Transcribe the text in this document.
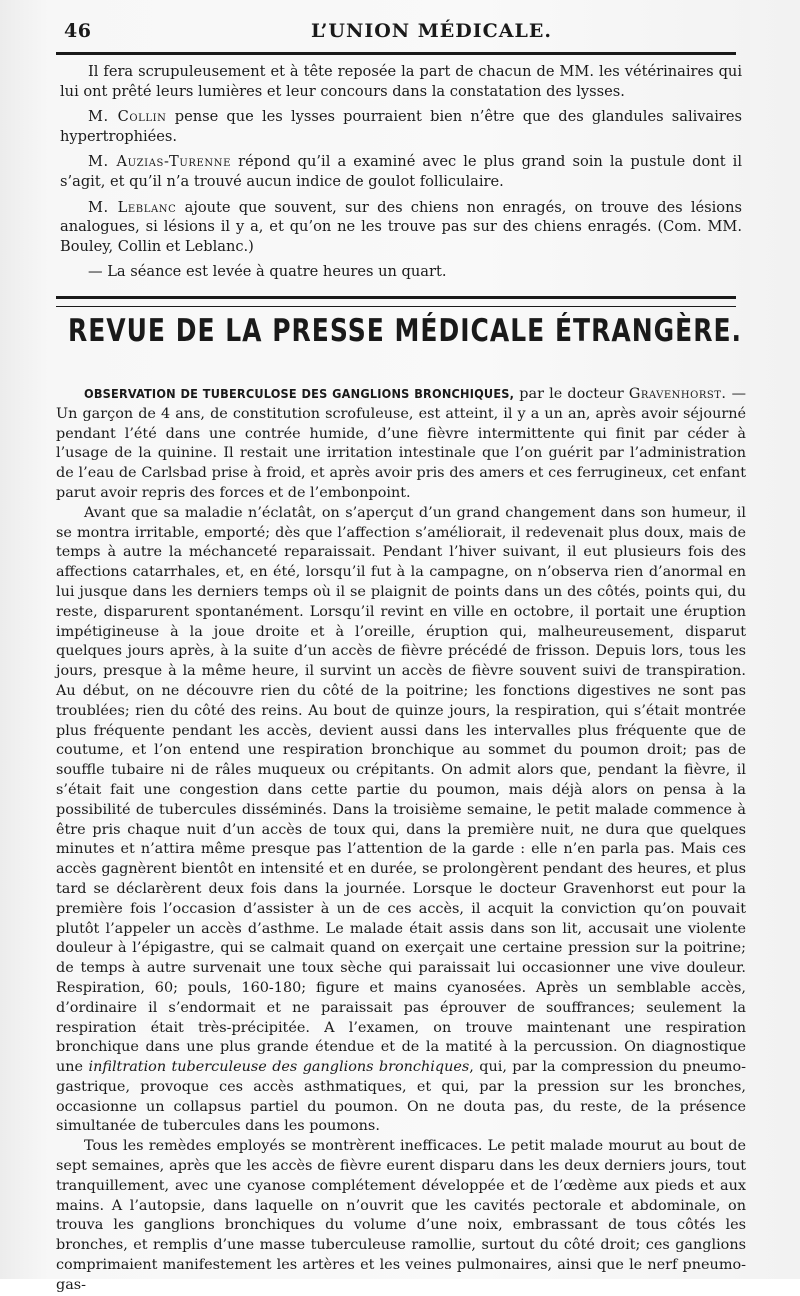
46	L’UNION MÉDICALE.

Il fera scrupuleusement et à tête reposée la part de chacun de MM. les vétérinaires qui lui ont prêté leurs lumières et leur concours dans la constatation des lysses.

M. Collin pense que les lysses pourraient bien n’être que des glandules salivaires hypertrophiées.

M. Auzias-Turenne répond qu’il a examiné avec le plus grand soin la pustule dont il s’agit, et qu’il n’a trouvé aucun indice de goulot folliculaire.

M. Leblanc ajoute que souvent, sur des chiens non enragés, on trouve des lésions analogues, si lésions il y a, et qu’on ne les trouve pas sur des chiens enragés. (Com. MM. Bouley, Collin et Leblanc.)

— La séance est levée à quatre heures un quart.

REVUE DE LA PRESSE MÉDICALE ÉTRANGÈRE.

OBSERVATION DE TUBERCULOSE DES GANGLIONS BRONCHIQUES, par le docteur Gravenhorst. — Un garçon de 4 ans, de constitution scrofuleuse, est atteint, il y a un an, après avoir séjourné pendant l’été dans une contrée humide, d’une fièvre intermittente qui finit par céder à l’usage de la quinine. Il restait une irritation intestinale que l’on guérit par l’administration de l’eau de Carlsbad prise à froid, et après avoir pris des amers et ces ferrugineux, cet enfant parut avoir repris des forces et de l’embonpoint.

Avant que sa maladie n’éclatât, on s’aperçut d’un grand changement dans son humeur, il se montra irritable, emporté; dès que l’affection s’améliorait, il redevenait plus doux, mais de temps à autre la méchanceté reparaissait. Pendant l’hiver suivant, il eut plusieurs fois des affections catarrhales, et, en été, lorsqu’il fut à la campagne, on n’observa rien d’anormal en lui jusque dans les derniers temps où il se plaignit de points dans un des côtés, points qui, du reste, disparurent spontanément. Lorsqu’il revint en ville en octobre, il portait une éruption impétigineuse à la joue droite et à l’oreille, éruption qui, malheureusement, disparut quelques jours après, à la suite d’un accès de fièvre précédé de frisson. Depuis lors, tous les jours, presque à la même heure, il survint un accès de fièvre souvent suivi de transpiration. Au début, on ne découvre rien du côté de la poitrine; les fonctions digestives ne sont pas troublées; rien du côté des reins. Au bout de quinze jours, la respiration, qui s’était montrée plus fréquente pendant les accès, devient aussi dans les intervalles plus fréquente que de coutume, et l’on entend une respiration bronchique au sommet du poumon droit; pas de souffle tubaire ni de râles muqueux ou crépitants. On admit alors que, pendant la fièvre, il s’était fait une congestion dans cette partie du poumon, mais déjà alors on pensa à la possibilité de tubercules disséminés. Dans la troisième semaine, le petit malade commence à être pris chaque nuit d’un accès de toux qui, dans la première nuit, ne dura que quelques minutes et n’attira même presque pas l’attention de la garde : elle n’en parla pas. Mais ces accès gagnèrent bientôt en intensité et en durée, se prolongèrent pendant des heures, et plus tard se déclarèrent deux fois dans la journée. Lorsque le docteur Gravenhorst eut pour la première fois l’occasion d’assister à un de ces accès, il acquit la conviction qu’on pouvait plutôt l’appeler un accès d’asthme. Le malade était assis dans son lit, accusait une violente douleur à l’épigastre, qui se calmait quand on exerçait une certaine pression sur la poitrine; de temps à autre survenait une toux sèche qui paraissait lui occasionner une vive douleur. Respiration, 60; pouls, 160-180; figure et mains cyanosées. Après un semblable accès, d’ordinaire il s’endormait et ne paraissait pas éprouver de souffrances; seulement la respiration était très-précipitée. A l’examen, on trouve maintenant une respiration bronchique dans une plus grande étendue et de la matité à la percussion. On diagnostique une infiltration tuberculeuse des ganglions bronchiques, qui, par la compression du pneumo-gastrique, provoque ces accès asthmatiques, et qui, par la pression sur les bronches, occasionne un collapsus partiel du poumon. On ne douta pas, du reste, de la présence simultanée de tubercules dans les poumons.

Tous les remèdes employés se montrèrent inefficaces. Le petit malade mourut au bout de sept semaines, après que les accès de fièvre eurent disparu dans les deux derniers jours, tout tranquillement, avec une cyanose complétement développée et de l’œdème aux pieds et aux mains. A l’autopsie, dans laquelle on n’ouvrit que les cavités pectorale et abdominale, on trouva les ganglions bronchiques du volume d’une noix, embrassant de tous côtés les bronches, et remplis d’une masse tuberculeuse ramollie, surtout du côté droit; ces ganglions comprimaient manifestement les artères et les veines pulmonaires, ainsi que le nerf pneumo-gas-
